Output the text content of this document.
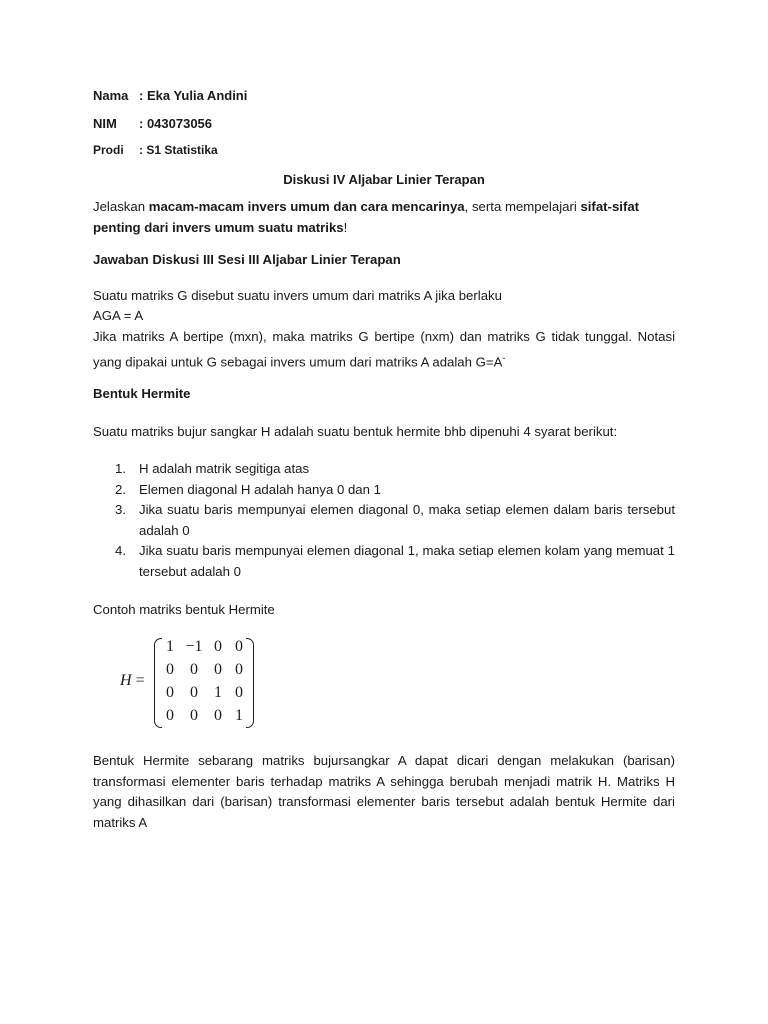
Nama : Eka Yulia Andini
NIM : 043073056
Prodi : S1 Statistika
Diskusi IV Aljabar Linier Terapan
Jelaskan macam-macam invers umum dan cara mencarinya, serta mempelajari sifat-sifat penting dari invers umum suatu matriks!
Jawaban Diskusi III Sesi III Aljabar Linier Terapan
Suatu matriks G disebut suatu invers umum dari matriks A jika berlaku
AGA = A
Jika matriks A bertipe (mxn), maka matriks G bertipe (nxm) dan matriks G tidak tunggal. Notasi yang dipakai untuk G sebagai invers umum dari matriks A adalah G=A-
Bentuk Hermite
Suatu matriks bujur sangkar H adalah suatu bentuk hermite bhb dipenuhi 4 syarat berikut:
1. H adalah matrik segitiga atas
2. Elemen diagonal H adalah hanya 0 dan 1
3. Jika suatu baris mempunyai elemen diagonal 0, maka setiap elemen dalam baris tersebut adalah 0
4. Jika suatu baris mempunyai elemen diagonal 1, maka setiap elemen kolam yang memuat 1 tersebut adalah 0
Contoh matriks bentuk Hermite
H =
1 −1 0 0
0	0	0 0
0	0	1 0
0	0	0 1
Bentuk Hermite sebarang matriks bujursangkar A dapat dicari dengan melakukan (barisan) transformasi elementer baris terhadap matriks A sehingga berubah menjadi matrik H. Matriks H yang dihasilkan dari (barisan) transformasi elementer baris tersebut adalah bentuk Hermite dari matriks A
